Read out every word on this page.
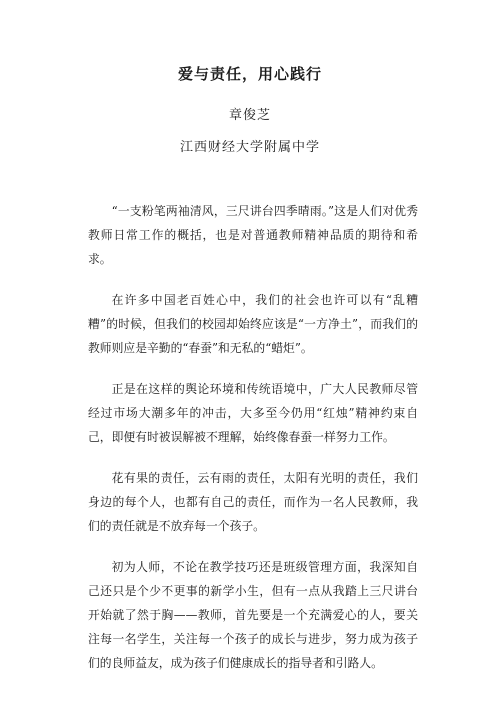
爱与责任，用心践行
章俊芝
江西财经大学附属中学

“一支粉笔两袖清风，三尺讲台四季晴雨。”这是人们对优秀教师日常工作的概括，也是对普通教师精神品质的期待和希求。

在许多中国老百姓心中，我们的社会也许可以有“乱糟糟”的时候，但我们的校园却始终应该是“一方净土”，而我们的教师则应是辛勤的“春蚕”和无私的“蜡炬”。

正是在这样的舆论环境和传统语境中，广大人民教师尽管经过市场大潮多年的冲击，大多至今仍用“红烛”精神约束自己，即便有时被误解被不理解，始终像春蚕一样努力工作。

花有果的责任，云有雨的责任，太阳有光明的责任，我们身边的每个人，也都有自己的责任，而作为一名人民教师，我们的责任就是不放弃每一个孩子。

初为人师，不论在教学技巧还是班级管理方面，我深知自己还只是个少不更事的新学小生，但有一点从我踏上三尺讲台开始就了然于胸——教师，首先要是一个充满爱心的人，要关注每一名学生，关注每一个孩子的成长与进步，努力成为孩子们的良师益友，成为孩子们健康成长的指导者和引路人。
